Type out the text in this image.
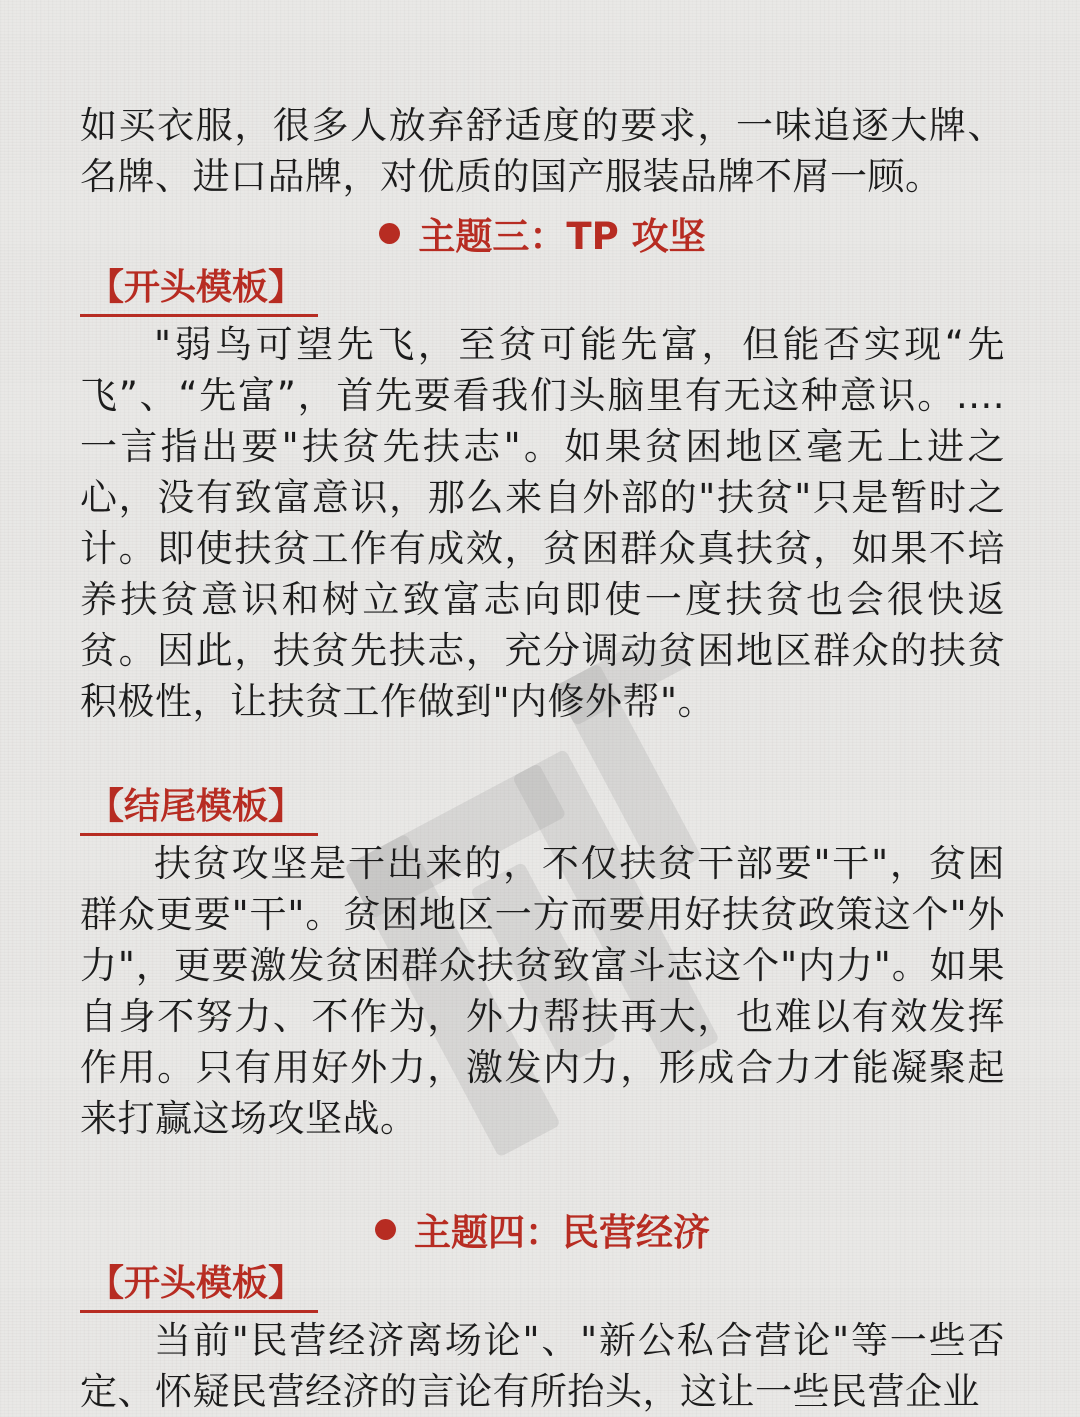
如买衣服，很多人放弃舒适度的要求，一味追逐大牌、名牌、进口品牌，对优质的国产服装品牌不屑一顾。

主题三：TP 攻坚
【开头模板】

"弱鸟可望先飞，至贫可能先富，但能否实现“先飞”、“先富”，首先要看我们头脑里有无这种意识。....一言指出要"扶贫先扶志"。如果贫困地区毫无上进之心，没有致富意识，那么来自外部的"扶贫"只是暂时之计。即使扶贫工作有成效，贫困群众真扶贫，如果不培养扶贫意识和树立致富志向即使一度扶贫也会很快返贫。因此，扶贫先扶志，充分调动贫困地区群众的扶贫积极性，让扶贫工作做到"内修外帮"。

【结尾模板】

扶贫攻坚是干出来的，不仅扶贫干部要"干"，贫困群众更要"干"。贫困地区一方而要用好扶贫政策这个"外力"，更要激发贫困群众扶贫致富斗志这个"内力"。如果自身不努力、不作为，外力帮扶再大，也难以有效发挥作用。只有用好外力，激发内力，形成合力才能凝聚起来打赢这场攻坚战。

主题四：民营经济
【开头模板】

当前"民营经济离场论"、"新公私合营论"等一些否定、怀疑民营经济的言论有所抬头，这让一些民营企业
